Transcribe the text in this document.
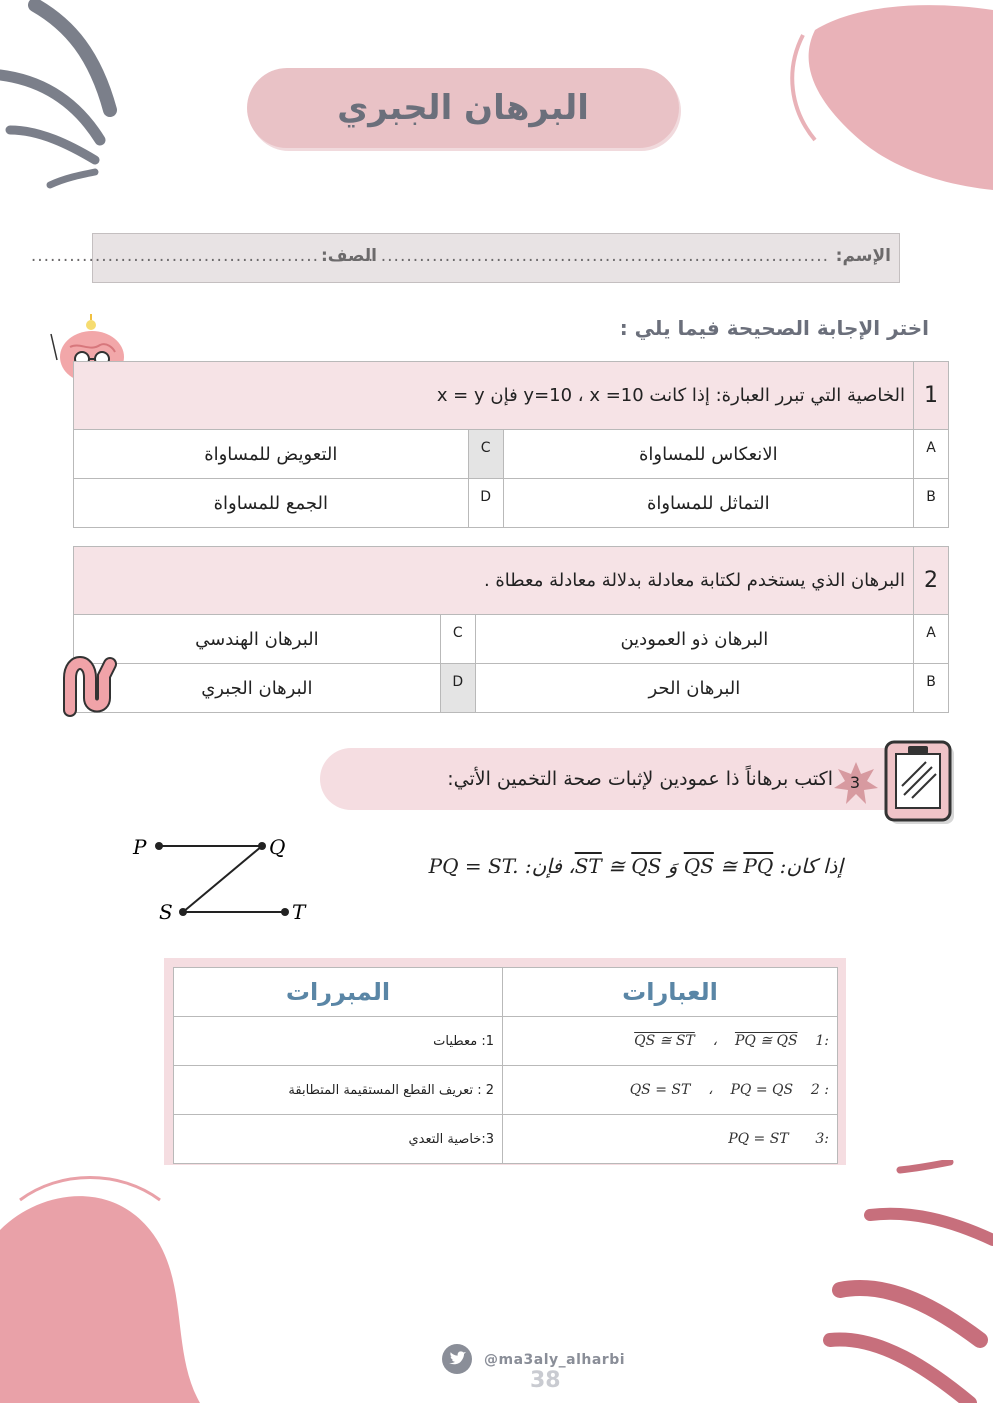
البرهان الجبري
الإسم:
...................................................................... .
الصف:
.............................................
اختر الإجابة الصحيحة فيما يلي :
1	الخاصية التي تبرر العبارة: إذا كانت y=10 ، x =10 فإن x = y		
A	الانعكاس للمساواة	C	التعويض للمساواة
B	التماثل للمساواة	D	الجمع للمساواة
2	البرهان الذي يستخدم لكتابة معادلة بدلالة معادلة معطاة .		
A	البرهان ذو العمودين	C	البرهان الهندسي
B	البرهان الحر	D	البرهان الجبري
3
اكتب برهاناً ذا عمودين لإثبات صحة التخمين الأتي:
إذا كان: QS ≅ PQ وَ ST ≅ QS، فإن: PQ = ST.
P	Q
S	T
العبارات	المبررات
:1    QS ≅ ST ، PQ ≅ QS	1: معطيات
: 2    QS = ST ، PQ = QS	2 : تعريف القطع المستقيمة المتطابقة
:3      PQ = ST	3:خاصية التعدي
@ma3aly_alharbi
38
